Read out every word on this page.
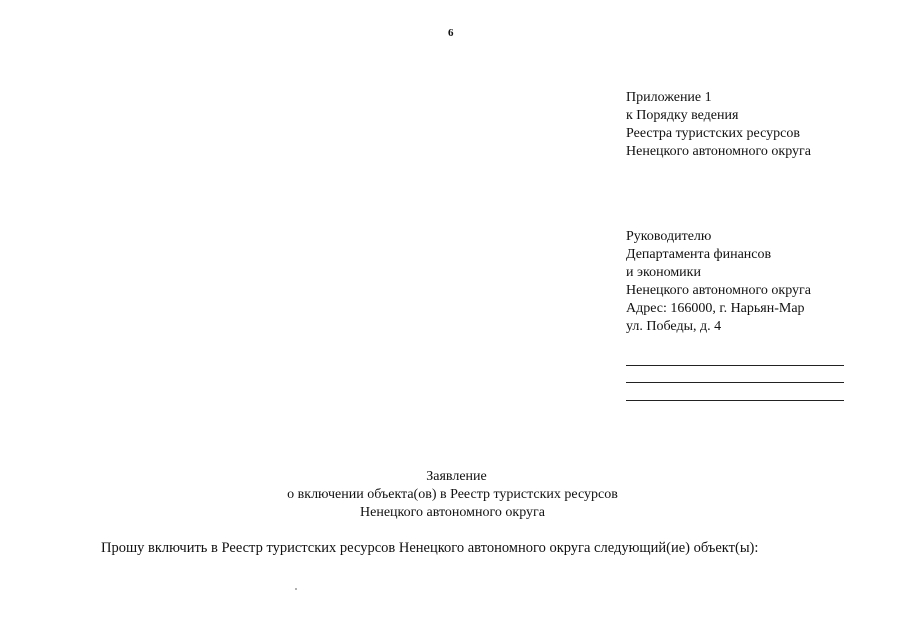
6
Приложение 1
к Порядку ведения
Реестра туристских ресурсов
Ненецкого автономного округа
Руководителю
Департамента финансов
и экономики
Ненецкого автономного округа
Адрес: 166000, г. Нарьян-Мар
ул. Победы, д. 4
Заявление
о включении объекта(ов) в Реестр туристских ресурсов
Ненецкого автономного округа
Прошу включить в Реестр туристских ресурсов Ненецкого автономного округа следующий(ие) объект(ы):
